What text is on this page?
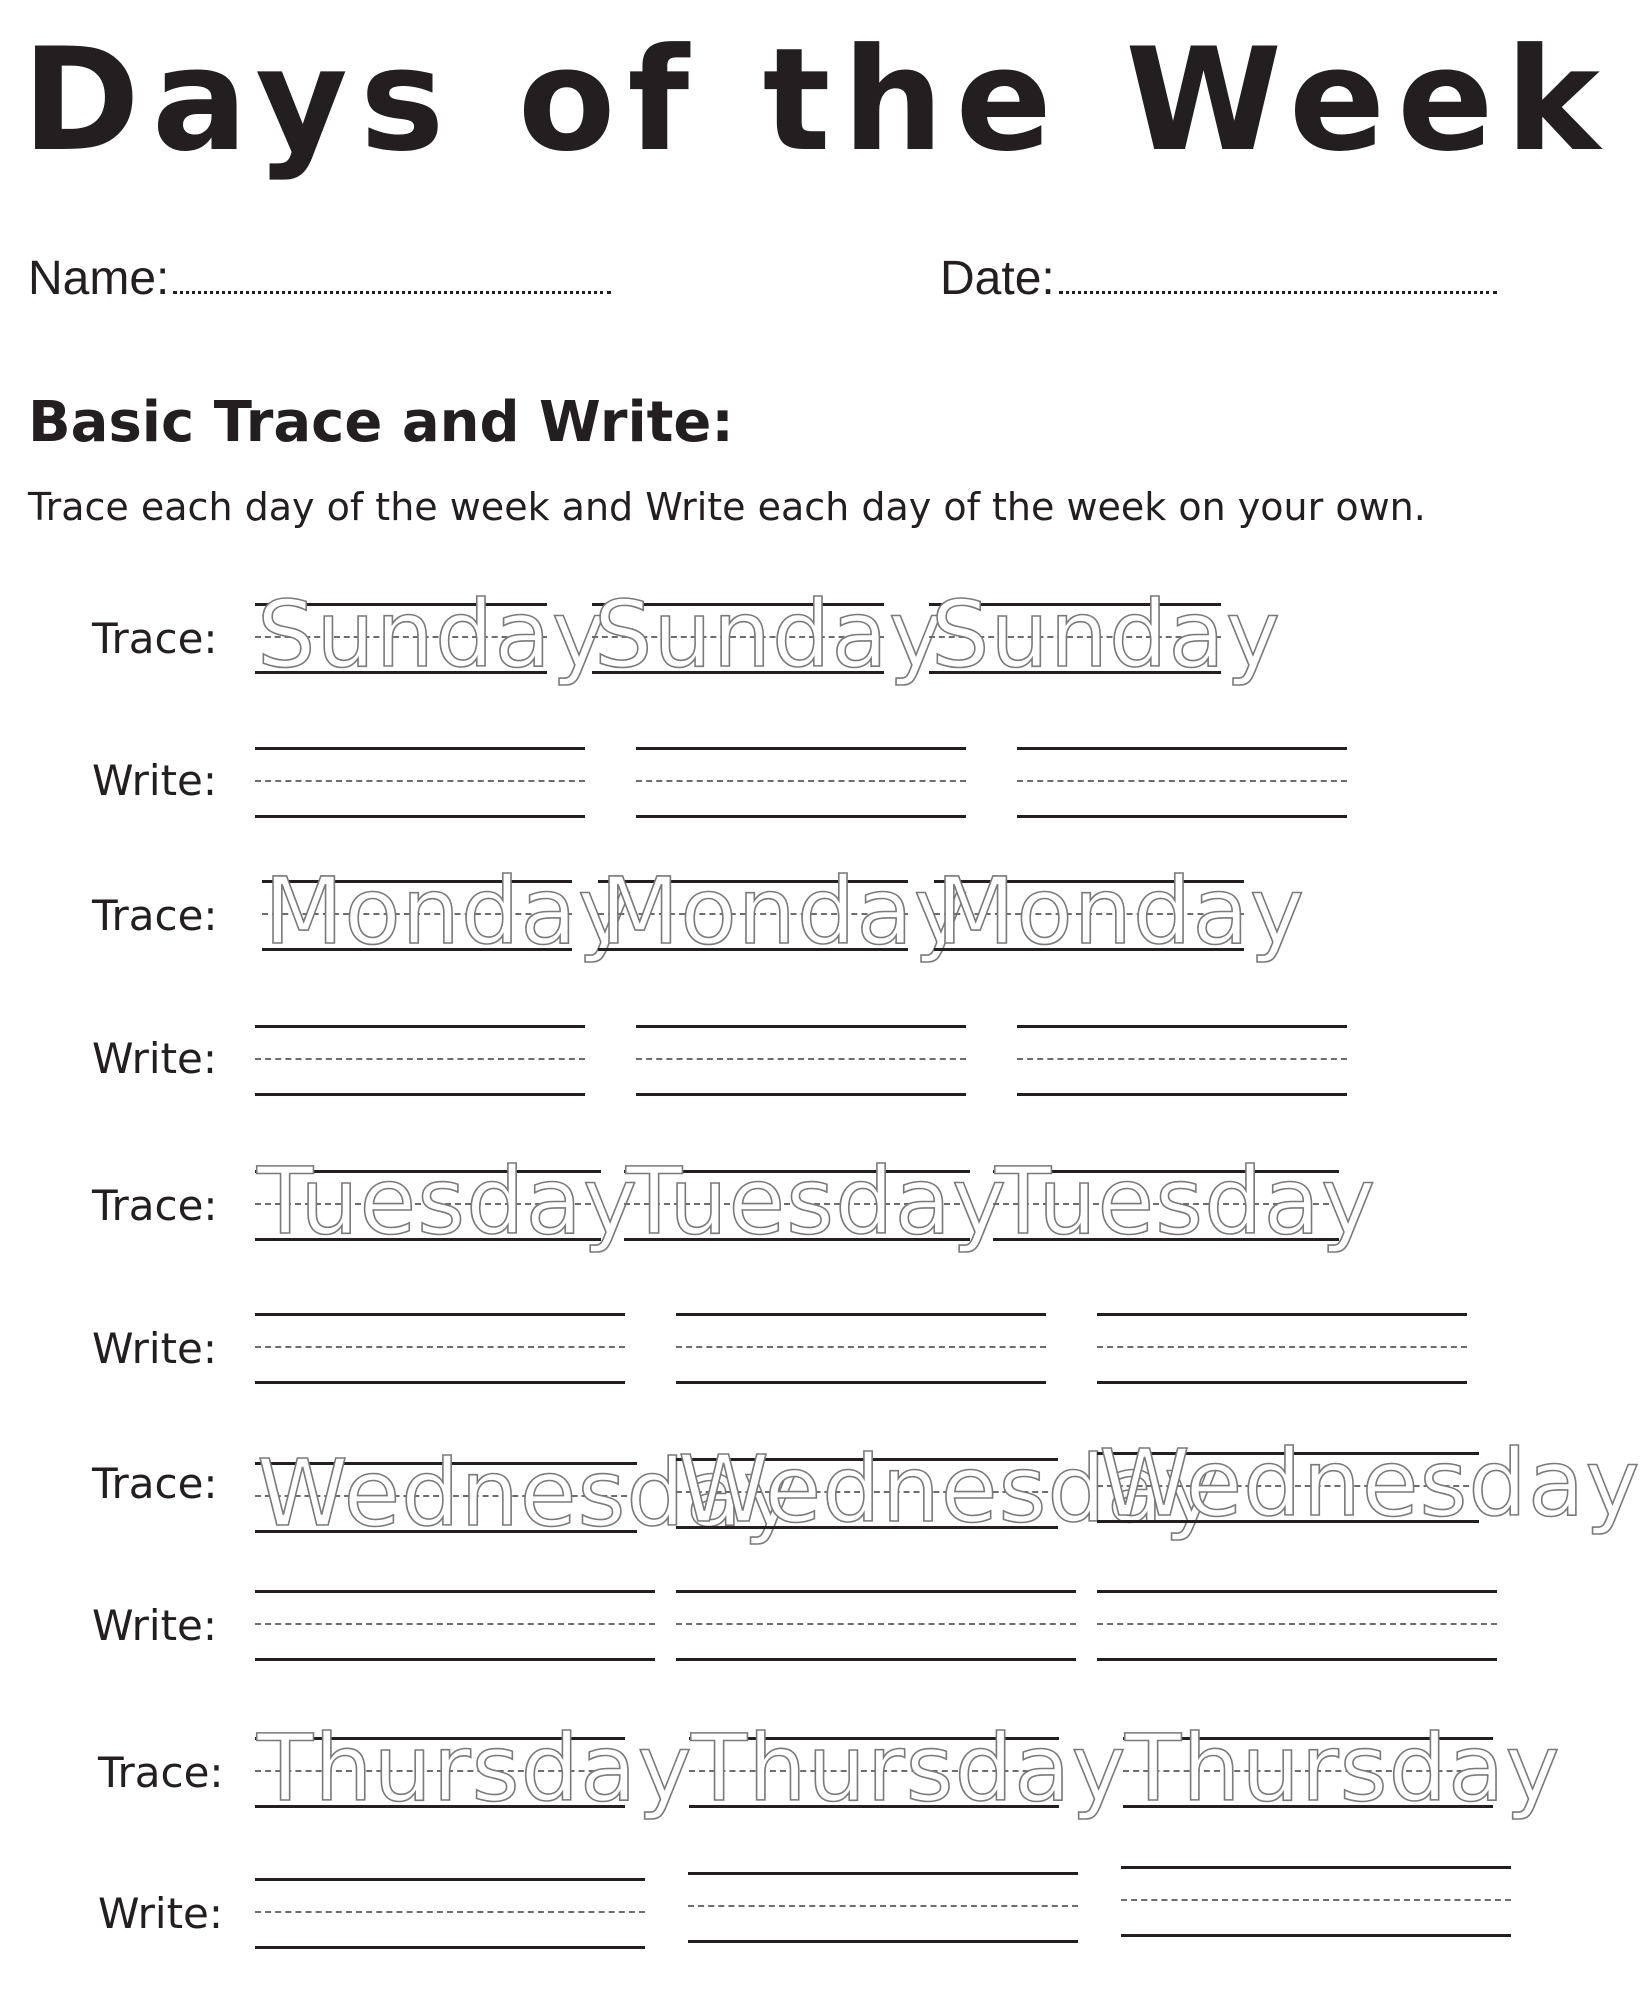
Days of the Week
Name:	Date:
Basic Trace and Write:

Trace each day of the week and Write each day of the week on your own.

Trace: Sunday
Sunday
Sunday
Write:
Trace: Monday
Monday
Monday
Write:
Trace: Tuesday
Tuesday
Tuesday
Write:
Trace: Wednesday
Wednesday
Wednesday
Write:
Trace: Thursday
Thursday
Thursday
Write:
